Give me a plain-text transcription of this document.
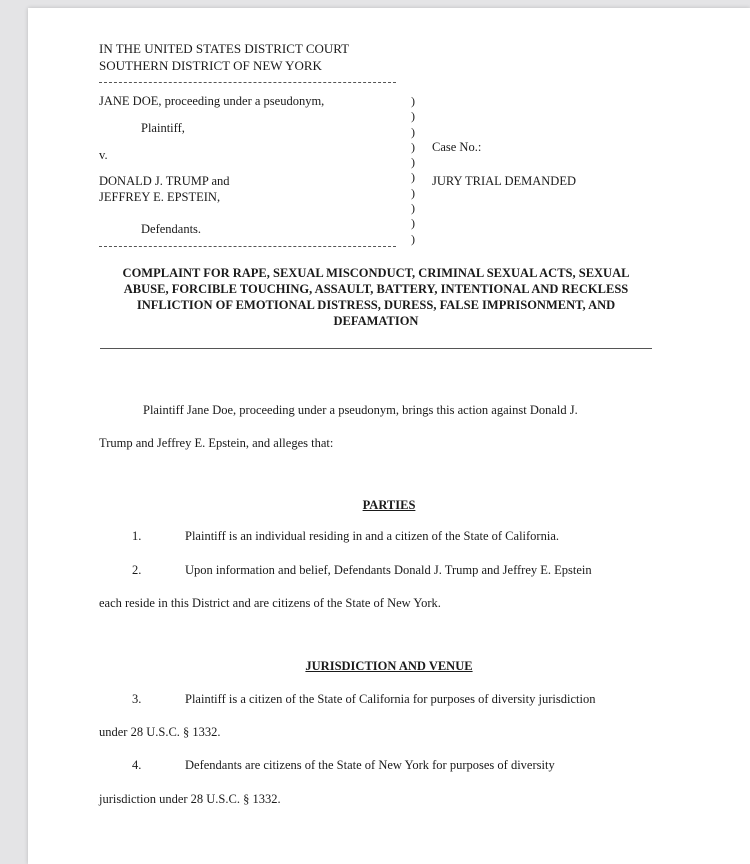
IN THE UNITED STATES DISTRICT COURT
SOUTHERN DISTRICT OF NEW YORK
JANE DOE, proceeding under a pseudonym,
Plaintiff,
v.
DONALD J. TRUMP and
JEFFREY E. EPSTEIN,
Defendants.
)
)
)
)
)
)
)
)
)
)
Case No.:
JURY TRIAL DEMANDED
COMPLAINT FOR RAPE, SEXUAL MISCONDUCT, CRIMINAL SEXUAL ACTS, SEXUAL ABUSE, FORCIBLE TOUCHING, ASSAULT, BATTERY, INTENTIONAL AND RECKLESS INFLICTION OF EMOTIONAL DISTRESS, DURESS, FALSE IMPRISONMENT, AND DEFAMATION
Plaintiff Jane Doe, proceeding under a pseudonym, brings this action against Donald J.
Trump and Jeffrey E. Epstein, and alleges that:
PARTIES
1.	Plaintiff is an individual residing in and a citizen of the State of California.
2.	Upon information and belief, Defendants Donald J. Trump and Jeffrey E. Epstein
each reside in this District and are citizens of the State of New York.
JURISDICTION AND VENUE
3.	Plaintiff is a citizen of the State of California for purposes of diversity jurisdiction
under 28 U.S.C. § 1332.
4.	Defendants are citizens of the State of New York for purposes of diversity
jurisdiction under 28 U.S.C. § 1332.
